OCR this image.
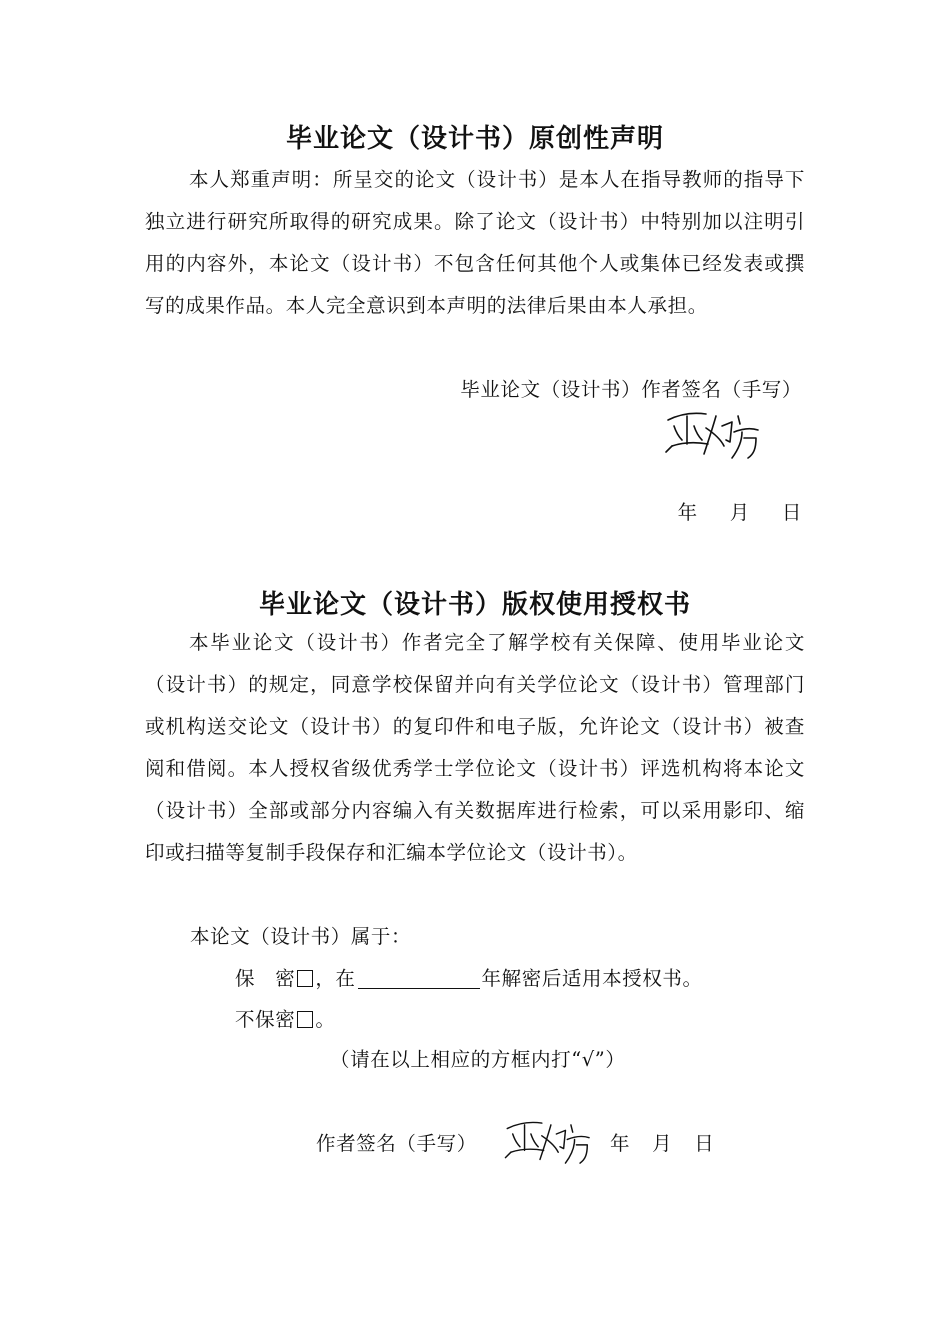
毕业论文（设计书）原创性声明

本人郑重声明：所呈交的论文（设计书）是本人在指导教师的指导下独立进行研究所取得的研究成果。除了论文（设计书）中特别加以注明引用的内容外，本论文（设计书）不包含任何其他个人或集体已经发表或撰写的成果作品。本人完全意识到本声明的法律后果由本人承担。

毕业论文（设计书）作者签名（手写）

年 月 日

毕业论文（设计书）版权使用授权书

本毕业论文（设计书）作者完全了解学校有关保障、使用毕业论文（设计书）的规定，同意学校保留并向有关学位论文（设计书）管理部门或机构送交论文（设计书）的复印件和电子版，允许论文（设计书）被查阅和借阅。本人授权省级优秀学士学位论文（设计书）评选机构将本论文（设计书）全部或部分内容编入有关数据库进行检索，可以采用影印、缩印或扫描等复制手段保存和汇编本学位论文（设计书）。

本论文（设计书）属于：

保　密 ，在	年解密后适用本授权书。

不保密 。

（请在以上相应的方框内打“√”）

作者签名（手写）	年 月 日
